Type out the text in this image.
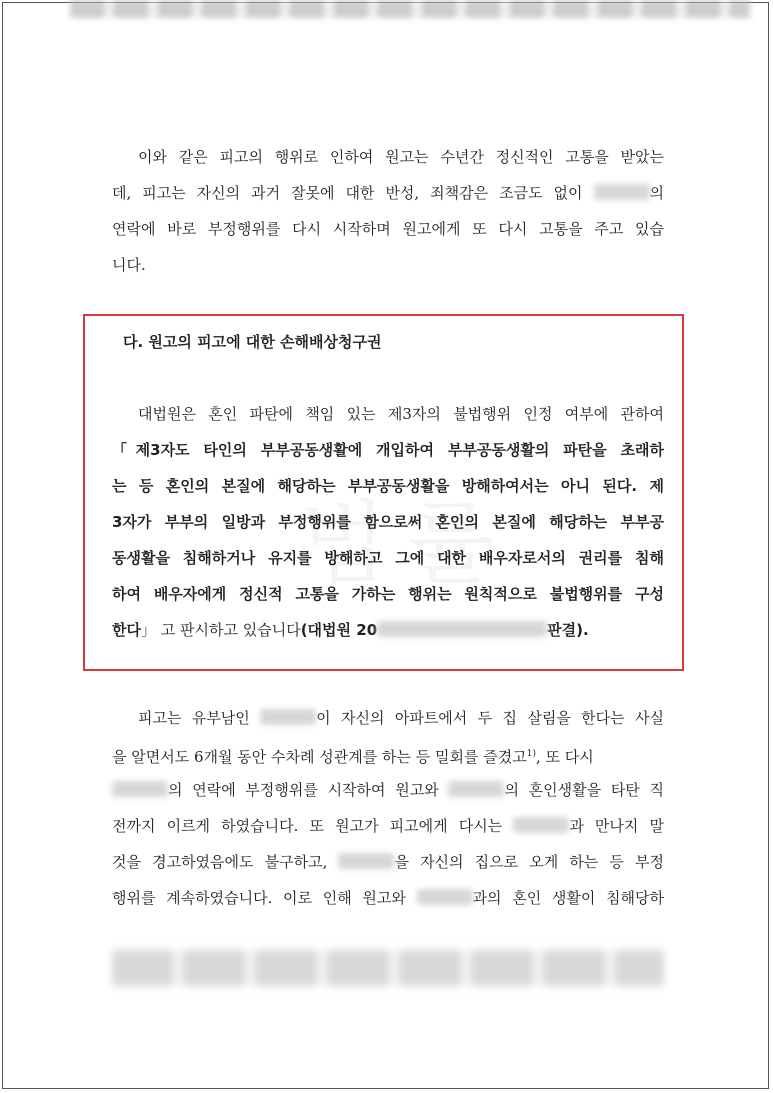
이와 같은 피고의 행위로 인하여 원고는 수년간 정신적인 고통을 받았는
데, 피고는 자신의 과거 잘못에 대한 반성, 죄책감은 조금도 없이	의
연락에 바로 부정행위를 다시 시작하며 원고에게 또 다시 고통을 주고 있습
니다.
다. 원고의 피고에 대한 손해배상청구권
대법원은 혼인 파탄에 책임 있는 제3자의 불법행위 인정 여부에 관하여
「제3자도 타인의 부부공동생활에 개입하여 부부공동생활의 파탄을 초래하
는 등 혼인의 본질에 해당하는 부부공동생활을 방해하여서는 아니 된다. 제
3자가 부부의 일방과 부정행위를 함으로써 혼인의 본질에 해당하는 부부공
동생활을 침해하거나 유지를 방해하고 그에 대한 배우자로서의 권리를 침해
하여 배우자에게 정신적 고통을 가하는 행위는 원칙적으로 불법행위를 구성
한다」 고 판시하고 있습니다(대법원 20	판결).
피고는 유부남인	이 자신의 아파트에서 두 집 살림을 한다는 사실
을 알면서도 6개월 동안 수차례 성관계를 하는 등 밀회를 즐겼고$^{1)}$, 또 다시
의 연락에 부정행위를 시작하여 원고와	의 혼인생활을 타탄 직
전까지 이르게 하였습니다. 또 원고가 피고에게 다시는	과 만나지 말
것을 경고하였음에도 불구하고,	을 자신의 집으로 오게 하는 등 부정
행위를 계속하였습니다. 이로 인해 원고와	과의 혼인 생활이 침해당하
